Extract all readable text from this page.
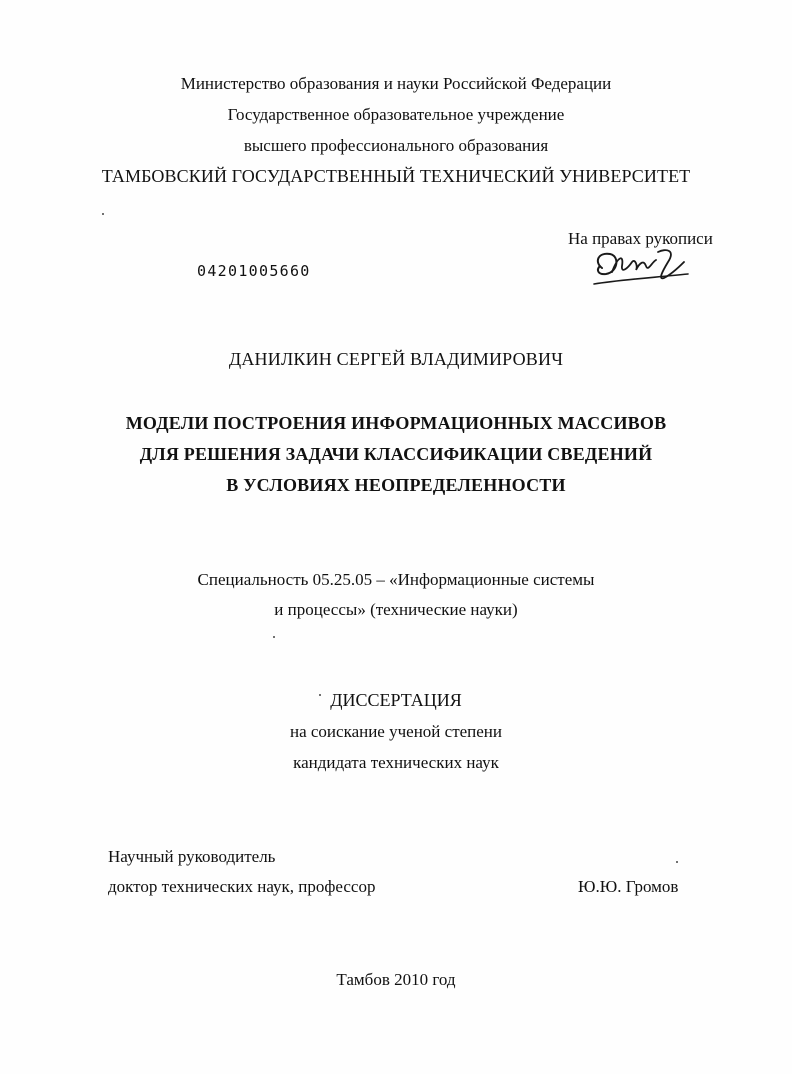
Министерство образования и науки Российской Федерации
Государственное образовательное учреждение
высшего профессионального образования
ТАМБОВСКИЙ ГОСУДАРСТВЕННЫЙ ТЕХНИЧЕСКИЙ УНИВЕРСИТЕТ
На правах рукописи
04201005660
ДАНИЛКИН СЕРГЕЙ ВЛАДИМИРОВИЧ
МОДЕЛИ ПОСТРОЕНИЯ ИНФОРМАЦИОННЫХ МАССИВОВ
ДЛЯ РЕШЕНИЯ ЗАДАЧИ КЛАССИФИКАЦИИ СВЕДЕНИЙ
В УСЛОВИЯХ НЕОПРЕДЕЛЕННОСТИ
Специальность 05.25.05 – «Информационные системы
и процессы» (технические науки)
ДИССЕРТАЦИЯ
на соискание ученой степени
кандидата технических наук
Научный руководитель
доктор технических наук, профессор	Ю.Ю. Громов
Тамбов 2010 год
